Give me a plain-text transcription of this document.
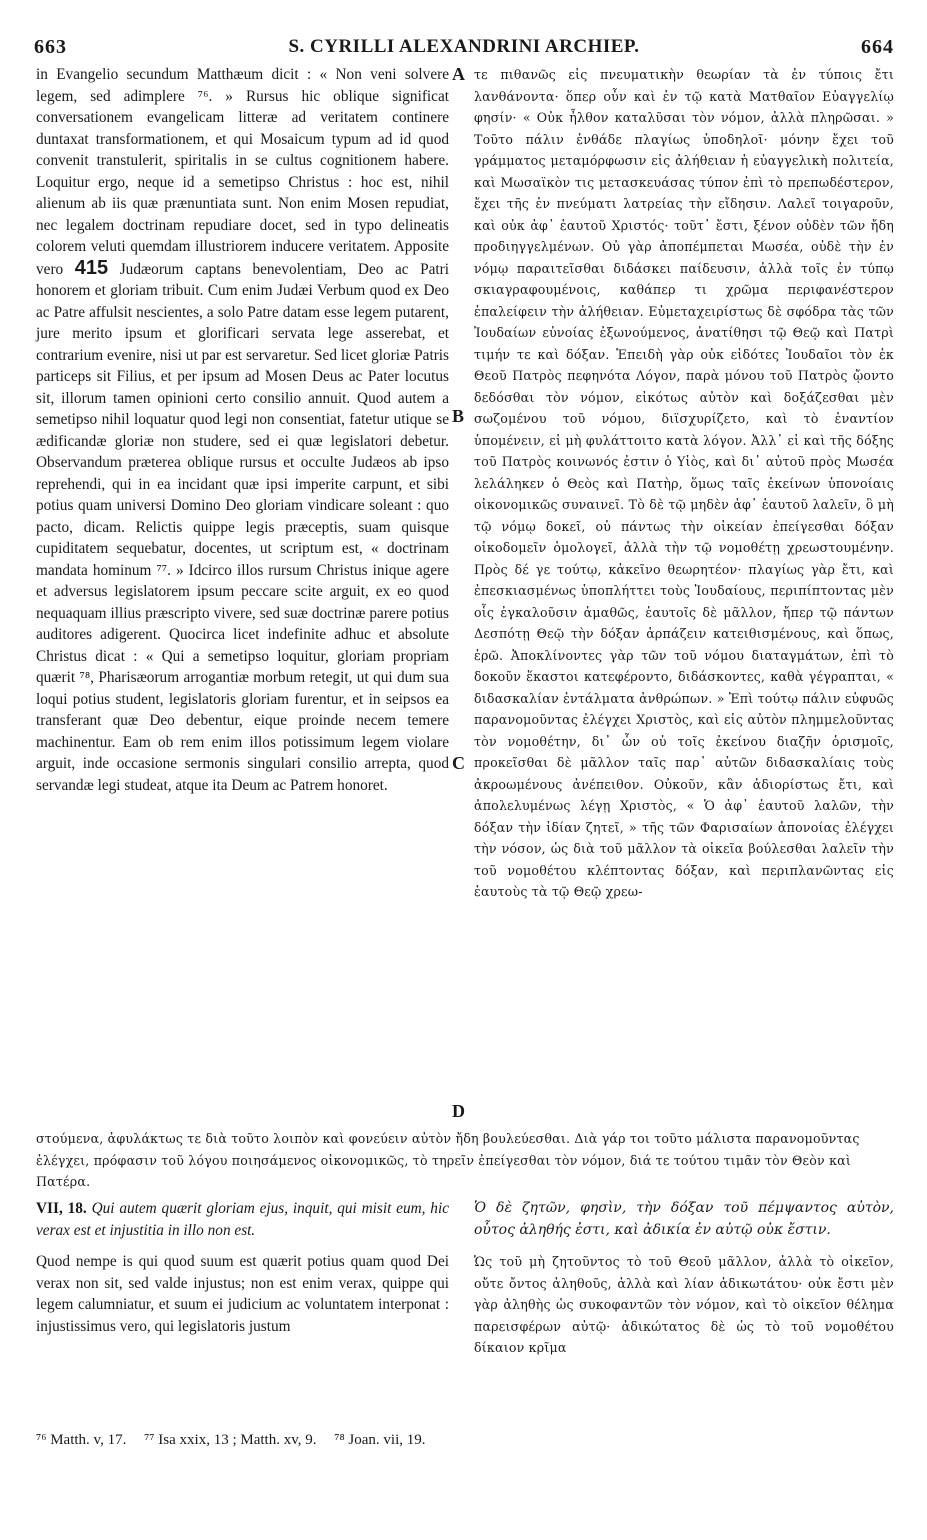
663	S. CYRILLI ALEXANDRINI ARCHIEP.	664
A
B
C
D
in Evangelio secundum Matthæum dicit : « Non veni solvere legem, sed adimplere ⁷⁶. » Rursus hic oblique significat conversationem evangelicam litteræ ad veritatem continere duntaxat transformationem, et qui Mosaicum typum ad id quod convenit transtulerit, spiritalis in se cultus cognitionem habere. Loquitur ergo, neque id a semetipso Christus : hoc est, nihil alienum ab iis quæ prænuntiata sunt. Non enim Mosen repudiat, nec legalem doctrinam repudiare docet, sed in typo delineatis colorem veluti quemdam illustriorem inducere veritatem. Apposite vero 415 Judæorum captans benevolentiam, Deo ac Patri honorem et gloriam tribuit. Cum enim Judæi Verbum quod ex Deo ac Patre affulsit nescientes, a solo Patre datam esse legem putarent, jure merito ipsum et glorificari servata lege asserebat, et contrarium evenire, nisi ut par est servaretur. Sed licet gloriæ Patris particeps sit Filius, et per ipsum ad Mosen Deus ac Pater locutus sit, illorum tamen opinioni certo consilio annuit. Quod autem a semetipso nihil loquatur quod legi non consentiat, fatetur utique se ædificandæ gloriæ non studere, sed ei quæ legislatori debetur. Observandum præterea oblique rursus et occulte Judæos ab ipso reprehendi, qui in ea incidant quæ ipsi imperite carpunt, et sibi potius quam universi Domino Deo gloriam vindicare soleant : quo pacto, dicam. Relictis quippe legis præceptis, suam quisque cupiditatem sequebatur, docentes, ut scriptum est, « doctrinam mandata hominum ⁷⁷. » Idcirco illos rursum Christus inique agere et adversus legislatorem ipsum peccare scite arguit, ex eo quod nequaquam illius præscripto vivere, sed suæ doctrinæ parere potius auditores adigerent. Quocirca licet indefinite adhuc et absolute Christus dicat : « Qui a semetipso loquitur, gloriam propriam quærit ⁷⁸, Pharisæorum arrogantiæ morbum retegit, ut qui dum sua loqui potius student, legislatoris gloriam furentur, et in seipsos ea transferant quæ Deo debentur, eique proinde necem temere machinentur. Eam ob rem enim illos potissimum legem violare arguit, inde occasione sermonis singulari consilio arrepta, quod servandæ legi studeat, atque ita Deum ac Patrem honoret.
τε πιθανῶς εἰς πνευματικὴν θεωρίαν τὰ ἐν τύποις ἔτι λανθάνοντα· ὅπερ οὖν καὶ ἐν τῷ κατὰ Ματθαῖον Εὐαγγελίῳ φησίν· « Οὐκ ἦλθον καταλῦσαι τὸν νόμον, ἀλλὰ πληρῶσαι. » Τοῦτο πάλιν ἐνθάδε πλαγίως ὑποδηλοῖ· μόνην ἔχει τοῦ γράμματος μεταμόρφωσιν εἰς ἀλήθειαν ἡ εὐαγγελικὴ πολιτεία, καὶ Μωσαϊκὸν τις μετασκευάσας τύπον ἐπὶ τὸ πρεπωδέστερον, ἔχει τῆς ἐν πνεύματι λατρείας τὴν εἴδησιν. Λαλεῖ τοιγαροῦν, καὶ οὐκ ἀφ᾽ ἑαυτοῦ Χριστός· τοῦτ᾽ ἔστι, ξένον οὐδὲν τῶν ἤδη προδιηγγελμένων. Οὐ γὰρ ἀποπέμπεται Μωσέα, οὐδὲ τὴν ἐν νόμῳ παραιτεῖσθαι διδάσκει παίδευσιν, ἀλλὰ τοῖς ἐν τύπῳ σκιαγραφουμένοις, καθάπερ τι χρῶμα περιφανέστερον ἐπαλείφειν τὴν ἀλήθειαν. Εὐμεταχειρίστως δὲ σφόδρα τὰς τῶν Ἰουδαίων εὐνοίας ἐξωνούμενος, ἀνατίθησι τῷ Θεῷ καὶ Πατρὶ τιμήν τε καὶ δόξαν. Ἐπειδὴ γὰρ οὐκ εἰδότες Ἰουδαῖοι τὸν ἐκ Θεοῦ Πατρὸς πεφηνότα Λόγον, παρὰ μόνου τοῦ Πατρὸς ᾤοντο δεδόσθαι τὸν νόμον, εἰκότως αὐτὸν καὶ δοξάζεσθαι μὲν σωζομένου τοῦ νόμου, διϊσχυρίζετο, καὶ τὸ ἐναντίον ὑπομένειν, εἰ μὴ φυλάττοιτο κατὰ λόγον. Ἀλλ᾽ εἰ καὶ τῆς δόξης τοῦ Πατρὸς κοινωνός ἐστιν ὁ Υἱὸς, καὶ δι᾽ αὐτοῦ πρὸς Μωσέα λελάληκεν ὁ Θεὸς καὶ Πατὴρ, ὅμως ταῖς ἐκείνων ὑπονοίαις οἰκονομικῶς συναινεῖ. Τὸ δὲ τῷ μηδὲν ἀφ᾽ ἑαυτοῦ λαλεῖν, ὃ μὴ τῷ νόμῳ δοκεῖ, οὐ πάντως τὴν οἰκείαν ἐπείγεσθαι δόξαν οἰκοδομεῖν ὁμολογεῖ, ἀλλὰ τὴν τῷ νομοθέτῃ χρεωστουμένην. Πρὸς δέ γε τούτῳ, κἀκεῖνο θεωρητέον· πλαγίως γὰρ ἔτι, καὶ ἐπεσκιασμένως ὑποπλήττει τοὺς Ἰουδαίους, περιπίπτοντας μὲν οἷς ἐγκαλοῦσιν ἀμαθῶς, ἑαυτοῖς δὲ μᾶλλον, ἤπερ τῷ πάντων Δεσπότῃ Θεῷ τὴν δόξαν ἁρπάζειν κατειθισμένους, καὶ ὅπως, ἐρῶ. Ἀποκλίνοντες γὰρ τῶν τοῦ νόμου διαταγμάτων, ἐπὶ τὸ δοκοῦν ἕκαστοι κατεφέροντο, διδάσκοντες, καθὰ γέγραπται, « διδασκαλίαν ἐντάλματα ἀνθρώπων. » Ἐπὶ τούτῳ πάλιν εὐφυῶς παρανομοῦντας ἐλέγχει Χριστὸς, καὶ εἰς αὐτὸν πλημμελοῦντας τὸν νομοθέτην, δι᾽ ὧν οὐ τοῖς ἐκείνου διαζῆν ὁρισμοῖς, προκεῖσθαι δὲ μᾶλλον ταῖς παρ᾽ αὐτῶν διδασκαλίαις τοὺς ἀκροωμένους ἀνέπειθον. Οὐκοῦν, κἂν ἀδιορίστως ἔτι, καὶ ἀπολελυμένως λέγῃ Χριστὸς, « Ὁ ἀφ᾽ ἑαυτοῦ λαλῶν, τὴν δόξαν τὴν ἰδίαν ζητεῖ, » τῆς τῶν Φαρισαίων ἀπονοίας ἐλέγχει τὴν νόσον, ὡς διὰ τοῦ μᾶλλον τὰ οἰκεῖα βούλεσθαι λαλεῖν τὴν τοῦ νομοθέτου κλέπτοντας δόξαν, καὶ περιπλανῶντας εἰς ἑαυτοὺς τὰ τῷ Θεῷ χρεω-
στούμενα, ἀφυλάκτως τε διὰ τοῦτο λοιπὸν καὶ φονεύειν αὐτὸν ἤδη βουλεύεσθαι. Διὰ γάρ τοι τοῦτο μάλιστα παρανομοῦντας ἐλέγχει, πρόφασιν τοῦ λόγου ποιησάμενος οἰκονομικῶς, τὸ τηρεῖν ἐπείγεσθαι τὸν νόμον, διά τε τούτου τιμᾶν τὸν Θεὸν καὶ Πατέρα.
VII, 18. Qui autem quærit gloriam ejus, inquit, qui misit eum, hic verax est et injustitia in illo non est.
Quod nempe is qui quod suum est quærit potius quam quod Dei verax non sit, sed valde injustus; non est enim verax, quippe qui legem calumniatur, et suum ei judicium ac voluntatem interponat : injustissimus vero, qui legislatoris justum
Ὁ δὲ ζητῶν, φησὶν, τὴν δόξαν τοῦ πέμψαντος αὐτὸν, οὗτος ἀληθής ἐστι, καὶ ἀδικία ἐν αὐτῷ οὐκ ἔστιν.
Ὡς τοῦ μὴ ζητοῦντος τὸ τοῦ Θεοῦ μᾶλλον, ἀλλὰ τὸ οἰκεῖον, οὔτε ὄντος ἀληθοῦς, ἀλλὰ καὶ λίαν ἀδικωτάτου· οὐκ ἔστι μὲν γὰρ ἀληθὴς ὡς συκοφαντῶν τὸν νόμον, καὶ τὸ οἰκεῖον θέλημα παρεισφέρων αὐτῷ· ἀδικώτατος δὲ ὡς τὸ τοῦ νομοθέτου δίκαιον κρῖμα
⁷⁶ Matth. v, 17. ⁷⁷ Isa xxix, 13 ; Matth. xv, 9. ⁷⁸ Joan. vii, 19.
